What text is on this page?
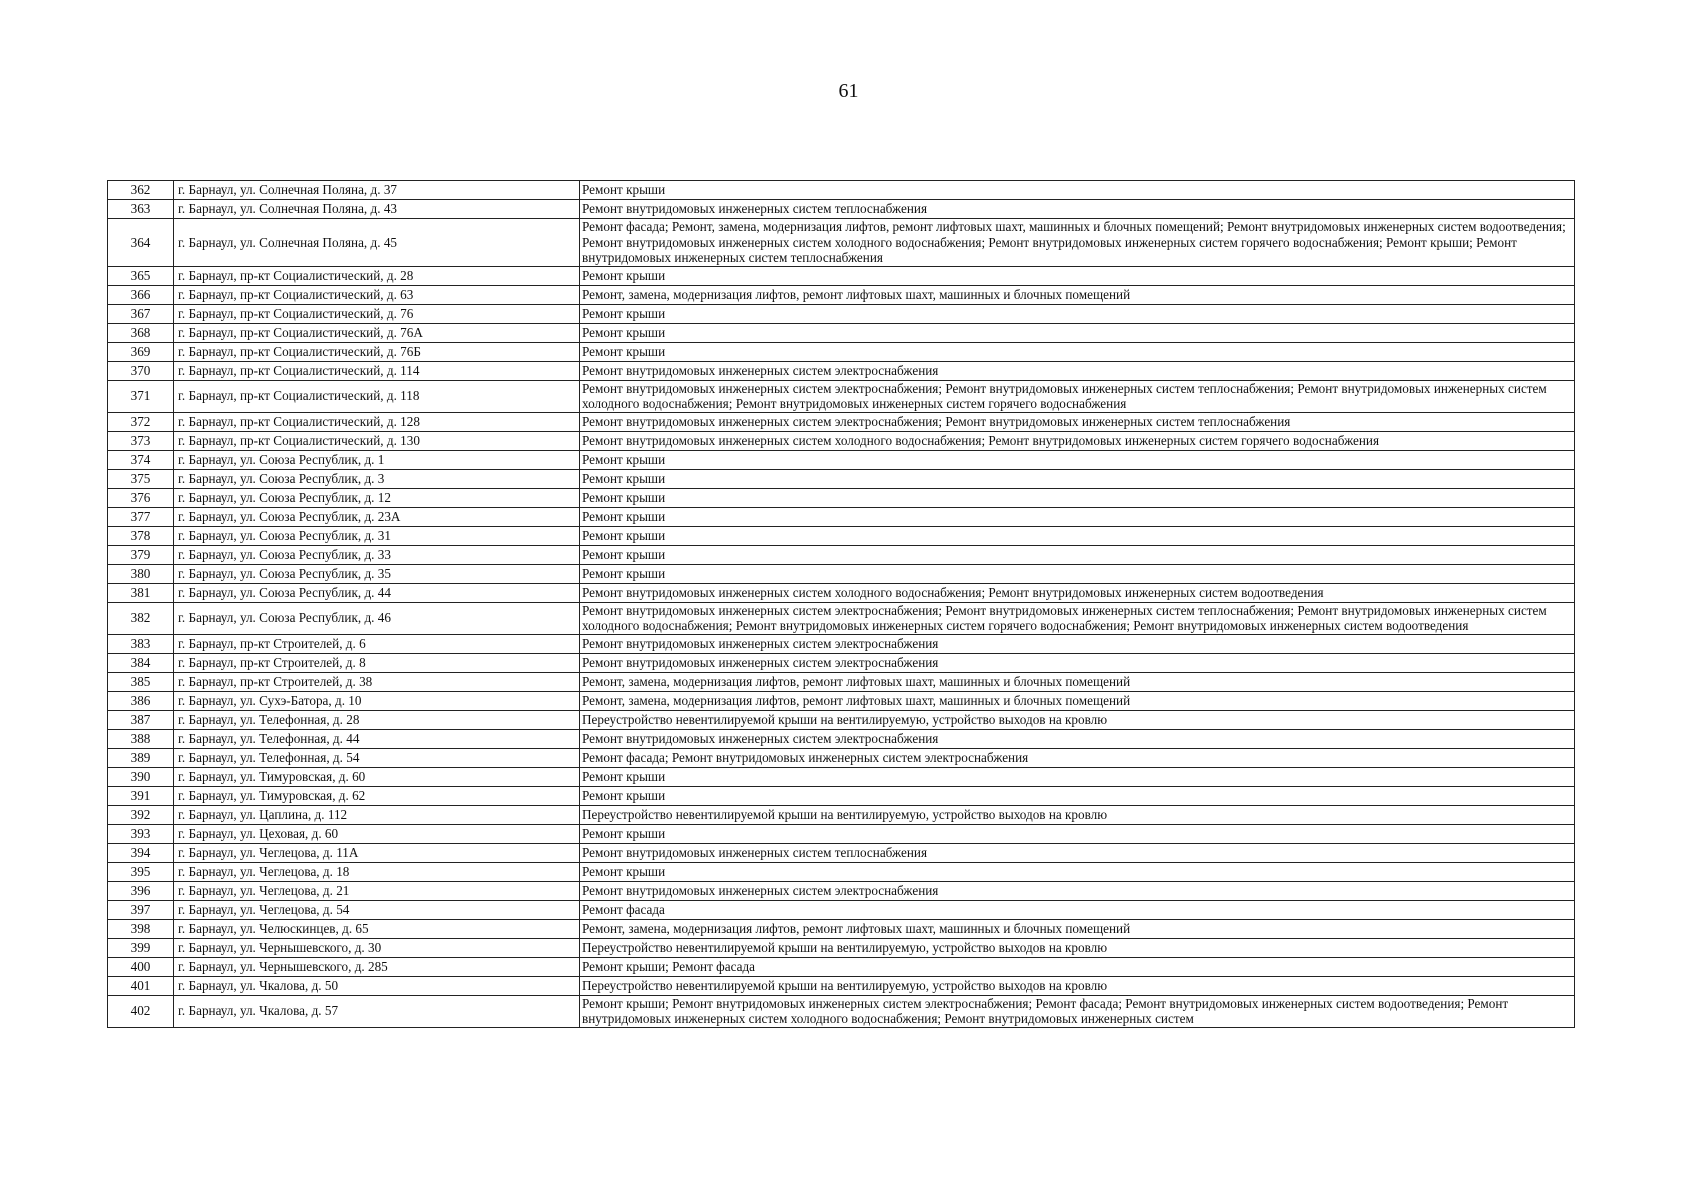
61
362	г. Барнаул, ул. Солнечная Поляна, д. 37	Ремонт крыши
363	г. Барнаул, ул. Солнечная Поляна, д. 43	Ремонт внутридомовых инженерных систем теплоснабжения
364	г. Барнаул, ул. Солнечная Поляна, д. 45	Ремонт фасада; Ремонт, замена, модернизация лифтов, ремонт лифтовых шахт, машинных и блочных помещений; Ремонт внутридомовых инженерных систем водоотведения; Ремонт внутридомовых инженерных систем холодного водоснабжения; Ремонт внутридомовых инженерных систем горячего водоснабжения; Ремонт крыши; Ремонт внутридомовых инженерных систем теплоснабжения
365	г. Барнаул, пр-кт Социалистический, д. 28	Ремонт крыши
366	г. Барнаул, пр-кт Социалистический, д. 63	Ремонт, замена, модернизация лифтов, ремонт лифтовых шахт, машинных и блочных помещений
367	г. Барнаул, пр-кт Социалистический, д. 76	Ремонт крыши
368	г. Барнаул, пр-кт Социалистический, д. 76А	Ремонт крыши
369	г. Барнаул, пр-кт Социалистический, д. 76Б	Ремонт крыши
370	г. Барнаул, пр-кт Социалистический, д. 114	Ремонт внутридомовых инженерных систем электроснабжения
371	г. Барнаул, пр-кт Социалистический, д. 118	Ремонт внутридомовых инженерных систем электроснабжения; Ремонт внутридомовых инженерных систем теплоснабжения; Ремонт внутридомовых инженерных систем холодного водоснабжения; Ремонт внутридомовых инженерных систем горячего водоснабжения
372	г. Барнаул, пр-кт Социалистический, д. 128	Ремонт внутридомовых инженерных систем электроснабжения; Ремонт внутридомовых инженерных систем теплоснабжения
373	г. Барнаул, пр-кт Социалистический, д. 130	Ремонт внутридомовых инженерных систем холодного водоснабжения; Ремонт внутридомовых инженерных систем горячего водоснабжения
374	г. Барнаул, ул. Союза Республик, д. 1	Ремонт крыши
375	г. Барнаул, ул. Союза Республик, д. 3	Ремонт крыши
376	г. Барнаул, ул. Союза Республик, д. 12	Ремонт крыши
377	г. Барнаул, ул. Союза Республик, д. 23А	Ремонт крыши
378	г. Барнаул, ул. Союза Республик, д. 31	Ремонт крыши
379	г. Барнаул, ул. Союза Республик, д. 33	Ремонт крыши
380	г. Барнаул, ул. Союза Республик, д. 35	Ремонт крыши
381	г. Барнаул, ул. Союза Республик, д. 44	Ремонт внутридомовых инженерных систем холодного водоснабжения; Ремонт внутридомовых инженерных систем водоотведения
382	г. Барнаул, ул. Союза Республик, д. 46	Ремонт внутридомовых инженерных систем электроснабжения; Ремонт внутридомовых инженерных систем теплоснабжения; Ремонт внутридомовых инженерных систем холодного водоснабжения; Ремонт внутридомовых инженерных систем горячего водоснабжения; Ремонт внутридомовых инженерных систем водоотведения
383	г. Барнаул, пр-кт Строителей, д. 6	Ремонт внутридомовых инженерных систем электроснабжения
384	г. Барнаул, пр-кт Строителей, д. 8	Ремонт внутридомовых инженерных систем электроснабжения
385	г. Барнаул, пр-кт Строителей, д. 38	Ремонт, замена, модернизация лифтов, ремонт лифтовых шахт, машинных и блочных помещений
386	г. Барнаул, ул. Сухэ-Батора, д. 10	Ремонт, замена, модернизация лифтов, ремонт лифтовых шахт, машинных и блочных помещений
387	г. Барнаул, ул. Телефонная, д. 28	Переустройство невентилируемой крыши на вентилируемую, устройство выходов на кровлю
388	г. Барнаул, ул. Телефонная, д. 44	Ремонт внутридомовых инженерных систем электроснабжения
389	г. Барнаул, ул. Телефонная, д. 54	Ремонт фасада; Ремонт внутридомовых инженерных систем электроснабжения
390	г. Барнаул, ул. Тимуровская, д. 60	Ремонт крыши
391	г. Барнаул, ул. Тимуровская, д. 62	Ремонт крыши
392	г. Барнаул, ул. Цаплина, д. 112	Переустройство невентилируемой крыши на вентилируемую, устройство выходов на кровлю
393	г. Барнаул, ул. Цеховая, д. 60	Ремонт крыши
394	г. Барнаул, ул. Чеглецова, д. 11А	Ремонт внутридомовых инженерных систем теплоснабжения
395	г. Барнаул, ул. Чеглецова, д. 18	Ремонт крыши
396	г. Барнаул, ул. Чеглецова, д. 21	Ремонт внутридомовых инженерных систем электроснабжения
397	г. Барнаул, ул. Чеглецова, д. 54	Ремонт фасада
398	г. Барнаул, ул. Челюскинцев, д. 65	Ремонт, замена, модернизация лифтов, ремонт лифтовых шахт, машинных и блочных помещений
399	г. Барнаул, ул. Чернышевского, д. 30	Переустройство невентилируемой крыши на вентилируемую, устройство выходов на кровлю
400	г. Барнаул, ул. Чернышевского, д. 285	Ремонт крыши; Ремонт фасада
401	г. Барнаул, ул. Чкалова, д. 50	Переустройство невентилируемой крыши на вентилируемую, устройство выходов на кровлю
402	г. Барнаул, ул. Чкалова, д. 57	Ремонт крыши; Ремонт внутридомовых инженерных систем электроснабжения; Ремонт фасада; Ремонт внутридомовых инженерных систем водоотведения; Ремонт внутридомовых инженерных систем холодного водоснабжения; Ремонт внутридомовых инженерных систем
